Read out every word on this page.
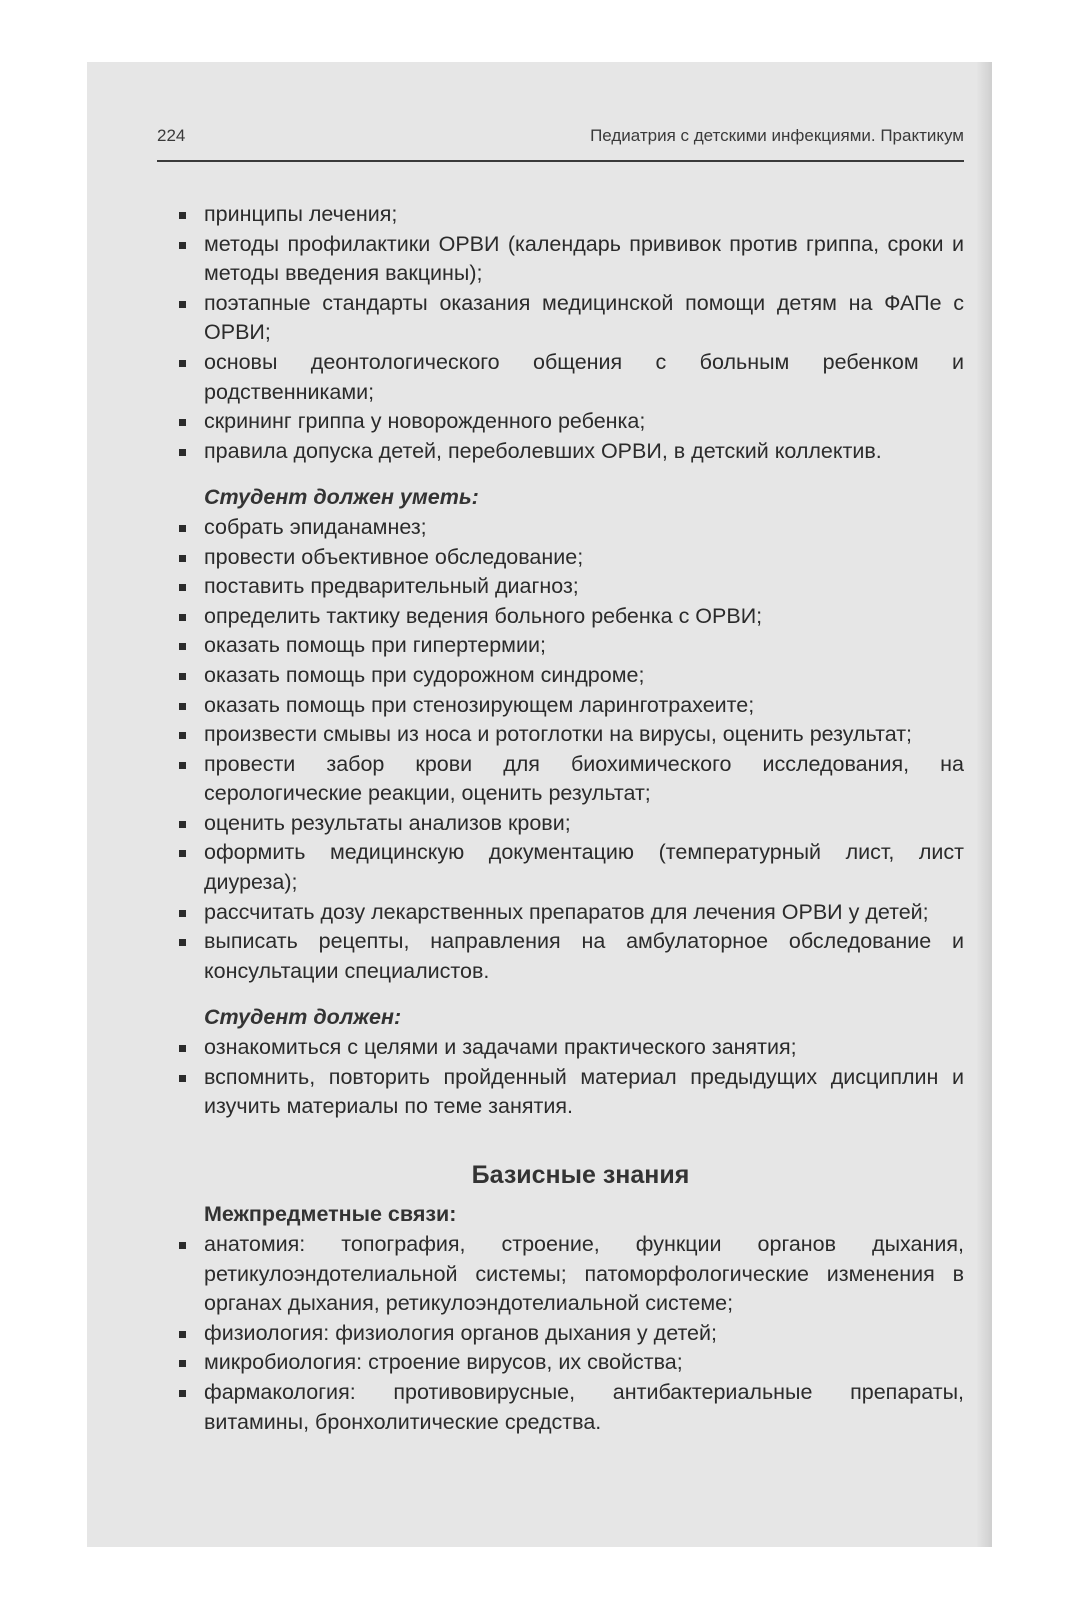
224	Педиатрия с детскими инфекциями. Практикум
принципы лечения;
методы профилактики ОРВИ (календарь прививок против гриппа, сроки и методы введения вакцины);
поэтапные стандарты оказания медицинской помощи детям на ФАПе с ОРВИ;
основы деонтологического общения с больным ребенком и родственниками;
скрининг гриппа у новорожденного ребенка;
правила допуска детей, переболевших ОРВИ, в детский коллектив.
Студент должен уметь:
собрать эпиданамнез;
провести объективное обследование;
поставить предварительный диагноз;
определить тактику ведения больного ребенка с ОРВИ;
оказать помощь при гипертермии;
оказать помощь при судорожном синдроме;
оказать помощь при стенозирующем ларинготрахеите;
произвести смывы из носа и ротоглотки на вирусы, оценить результат;
провести забор крови для биохимического исследования, на серологические реакции, оценить результат;
оценить результаты анализов крови;
оформить медицинскую документацию (температурный лист, лист диуреза);
рассчитать дозу лекарственных препаратов для лечения ОРВИ у детей;
выписать рецепты, направления на амбулаторное обследование и консультации специалистов.
Студент должен:
ознакомиться с целями и задачами практического занятия;
вспомнить, повторить пройденный материал предыдущих дисциплин и изучить материалы по теме занятия.
Базисные знания
Межпредметные связи:
анатомия: топография, строение, функции органов дыхания, ретикулоэндотелиальной системы; патоморфологические изменения в органах дыхания, ретикулоэндотелиальной системе;
физиология: физиология органов дыхания у детей;
микробиология: строение вирусов, их свойства;
фармакология: противовирусные, антибактериальные препараты, витамины, бронхолитические средства.
